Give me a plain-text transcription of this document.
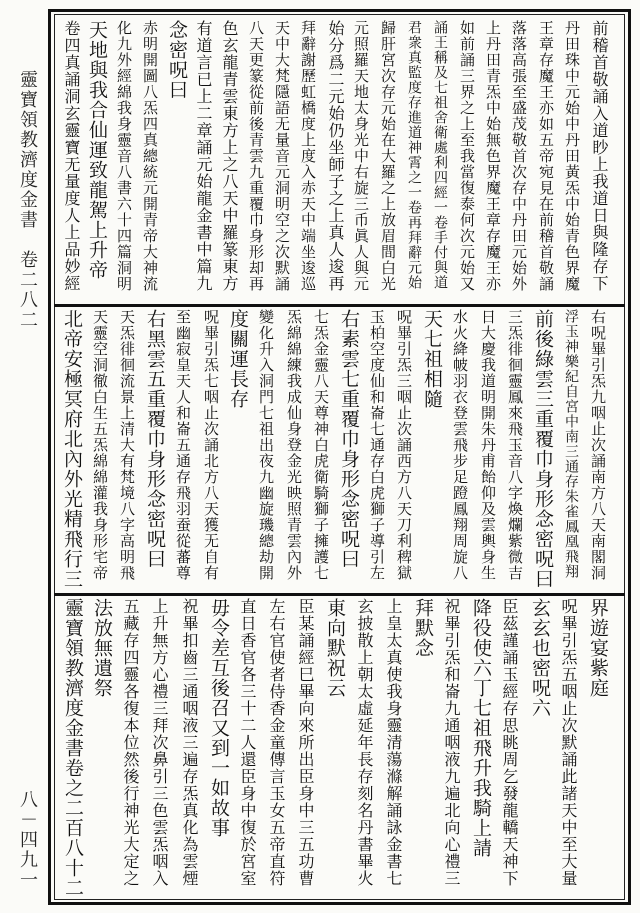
靈寶領教濟度金書　卷二八二
八－四九一
前稽首敬誦入道眇上我道日與隆存下
丹田珠中元始中丹田黃炁中始青色界魔
王章存魔王亦如五帝宛見在前稽首敬誦
落落高張至盛茂敬首次存中丹田元始外
上丹田青炁中始無色界魔王章存魔王亦
如前誦三界之上至我當復泰何次元始又
誦王稱及七祖舍衛處利四經一卷手付與道
君衆真監度存進道神霄之一卷再拜辭元始
歸肝宮次存元始在大羅之上放眉間白光
元照羅天地太身光中右旋三币眞人與元
始分爲二元始仍坐師子之上真人逡再
拜辭謝歷虹橋度上度入赤天中端坐逡巡
天中大梵隱語无量音元洞明空之次默誦
八天更篆從前後青雲九重覆巾身形却再
色玄龍青雲東方上之八天中羅篆東方
有道言已上二章誦元始龍金書中篇九
念密呪曰
赤明開圖八炁四真總統元開青帝大神流
化九外經綿我身靈音八書六十四篇洞明
天地與我合仙運致龍駕上升帝
卷四真誦洞玄靈寶无量度人上品妙經
右呪畢引炁九咽止次誦南方八天南閣洞
浮玉神樂紀自宮中南三通存朱雀鳳凰飛翔
前後綠雲三重覆巾身形念密呪曰
三炁徘徊靈鳳來飛玉音八字煥爛紫微吉
日大慶我道明開朱丹甫飴仰及雲輿身生
水火絳帔羽衣登雲飛步足蹬鳳翔周旋八
天七祖相隨
呪畢引炁三咽止次誦西方八天刀利稗獄
玉柏空度仙和崙七通存白虎獅子導引左
右素雲七重覆巾身形念密呪曰
七炁金靈八天尊神白虎衛騎獅子擁護七
炁綿綿練我成仙身登金光映照青雲內外
變化升入洞門七祖出夜九幽旋璣總劫開
度關運長存
呪畢引炁七咽止次誦北方八天獲无自有
至幽寂皇天人和崙五通存飛羽蚕從蕃尊
右黑雲五重覆巾身形念密呪曰
天炁徘徊流景上清大有梵境八字高明飛
天靈空洞徹白生五炁綿綿灌我身形宅帝
北帝安極冥府北內外光精飛行三
界遊宴紫庭
呪畢引炁五咽止次默誦此諸天中至大量
玄玄也密呪六
臣茲謹誦玉經存思眺周乞發龍轎天神下
降役使六丁七祖飛升我騎上請
祝畢引炁和崙九通咽液九遍北向心禮三
拜默念
上皇太真使我身靈清蕩滌解誦詠金書七
玄披散上朝太虛延年長存刻名丹書畢火
東向默祝云
臣某誦經巳畢向來所出臣身中三五功曹
左右官使者侍香金童傳言玉女五帝直符
直日香官各三十二人還臣身中復於宮室
毋令差互後召又到一如故事
祝畢扣齒三通咽液三遍存炁真化為雲煙
上升無方心禮三拜次鼻引三色雲炁咽入
五藏存四靈各復本位然後行神光大定之
法放無遺祭
靈寶領教濟度金書卷之二百八十二
